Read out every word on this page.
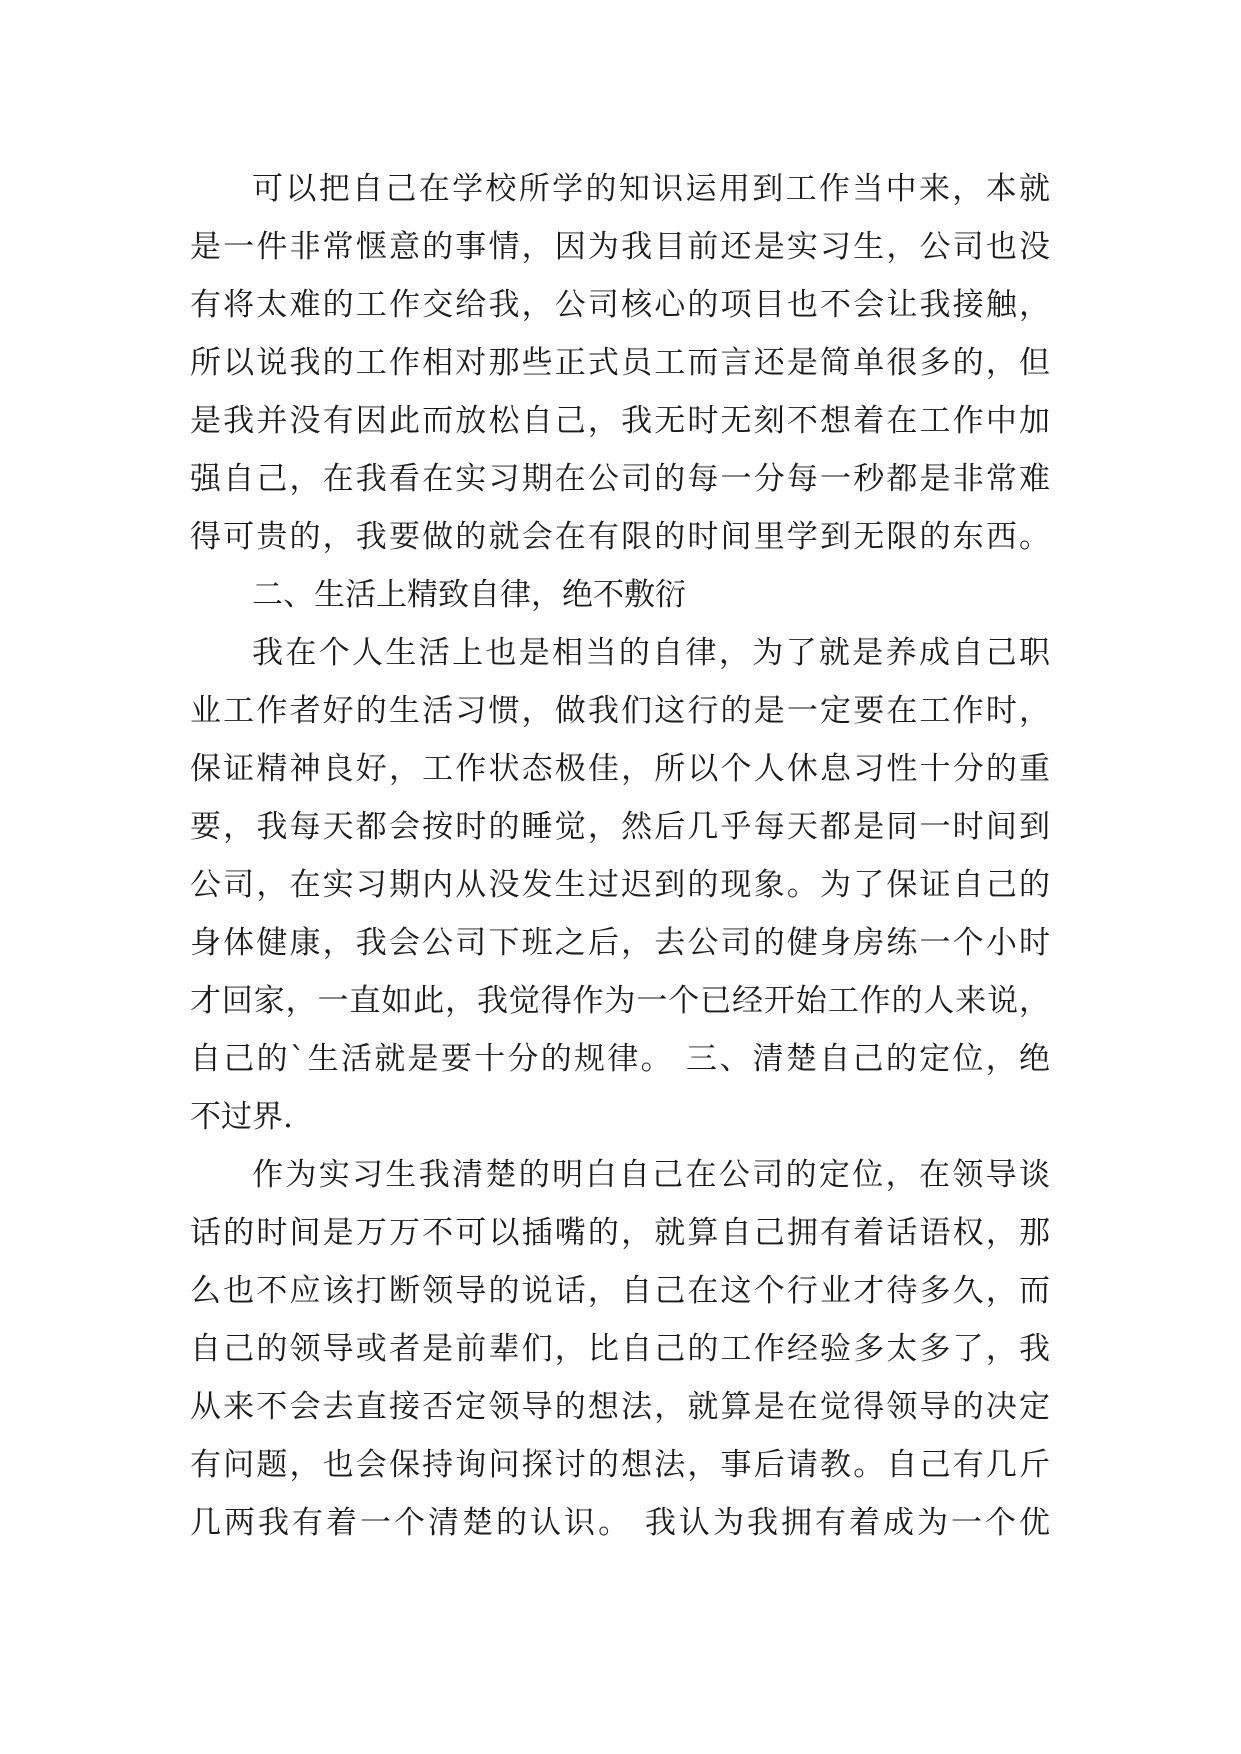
可以把自己在学校所学的知识运用到工作当中来，本就
是一件非常惬意的事情，因为我目前还是实习生，公司也没
有将太难的工作交给我，公司核心的项目也不会让我接触，
所以说我的工作相对那些正式员工而言还是简单很多的，但
是我并没有因此而放松自己，我无时无刻不想着在工作中加
强自己，在我看在实习期在公司的每一分每一秒都是非常难
得可贵的，我要做的就会在有限的时间里学到无限的东西。
二、生活上精致自律，绝不敷衍
我在个人生活上也是相当的自律，为了就是养成自己职
业工作者好的生活习惯，做我们这行的是一定要在工作时，
保证精神良好，工作状态极佳，所以个人休息习性十分的重
要，我每天都会按时的睡觉，然后几乎每天都是同一时间到
公司，在实习期内从没发生过迟到的现象。为了保证自己的
身体健康，我会公司下班之后，去公司的健身房练一个小时
才回家，一直如此，我觉得作为一个已经开始工作的人来说，
自己的`生活就是要十分的规律。 三、清楚自己的定位，绝
不过界.
作为实习生我清楚的明白自己在公司的定位，在领导谈
话的时间是万万不可以插嘴的，就算自己拥有着话语权，那
么也不应该打断领导的说话，自己在这个行业才待多久，而
自己的领导或者是前辈们，比自己的工作经验多太多了，我
从来不会去直接否定领导的想法，就算是在觉得领导的决定
有问题，也会保持询问探讨的想法，事后请教。自己有几斤
几两我有着一个清楚的认识。 我认为我拥有着成为一个优
